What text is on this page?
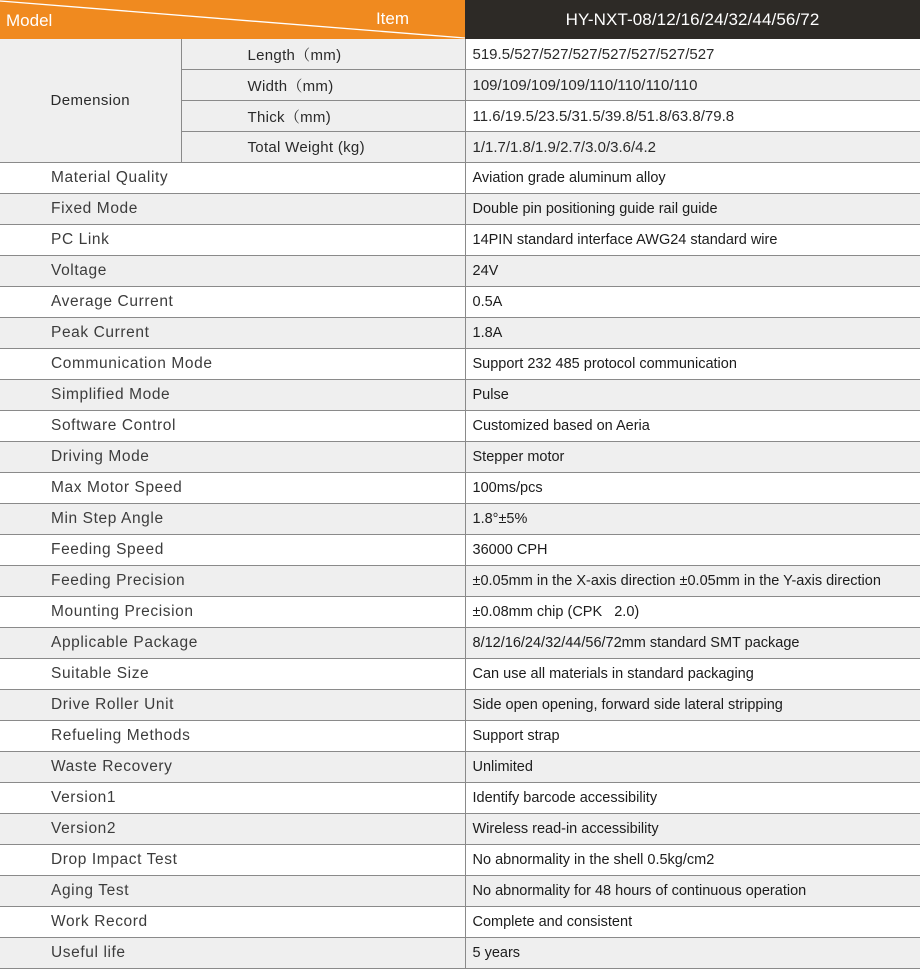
Model Item		HY-NXT-08/12/16/24/32/44/56/72
Demension	Length（mm)	519.5/527/527/527/527/527/527/527
	Width（mm)	109/109/109/109/110/110/110/110
	Thick（mm)	11.6/19.5/23.5/31.5/39.8/51.8/63.8/79.8
	Total Weight (kg)	1/1.7/1.8/1.9/2.7/3.0/3.6/4.2
Material Quality		Aviation grade aluminum alloy
Fixed Mode		Double pin positioning guide rail guide
PC Link		14PIN standard interface AWG24 standard wire
Voltage		24V
Average Current		0.5A
Peak Current		1.8A
Communication Mode		Support 232 485 protocol communication
Simplified Mode		Pulse
Software Control		Customized based on Aeria
Driving Mode		Stepper motor
Max Motor Speed		100ms/pcs
Min Step Angle		1.8°±5%
Feeding Speed		36000 CPH
Feeding Precision		±0.05mm in the X-axis direction ±0.05mm in the Y-axis direction
Mounting Precision		±0.08mm chip (CPK   2.0)
Applicable Package		8/12/16/24/32/44/56/72mm standard SMT package
Suitable Size		Can use all materials in standard packaging
Drive Roller Unit		Side open opening, forward side lateral stripping
Refueling Methods		Support strap
Waste Recovery		Unlimited
Version1		Identify barcode accessibility
Version2		Wireless read-in accessibility
Drop Impact Test		No abnormality in the shell 0.5kg/cm2
Aging Test		No abnormality for 48 hours of continuous operation
Work Record		Complete and consistent
Useful life		5 years
